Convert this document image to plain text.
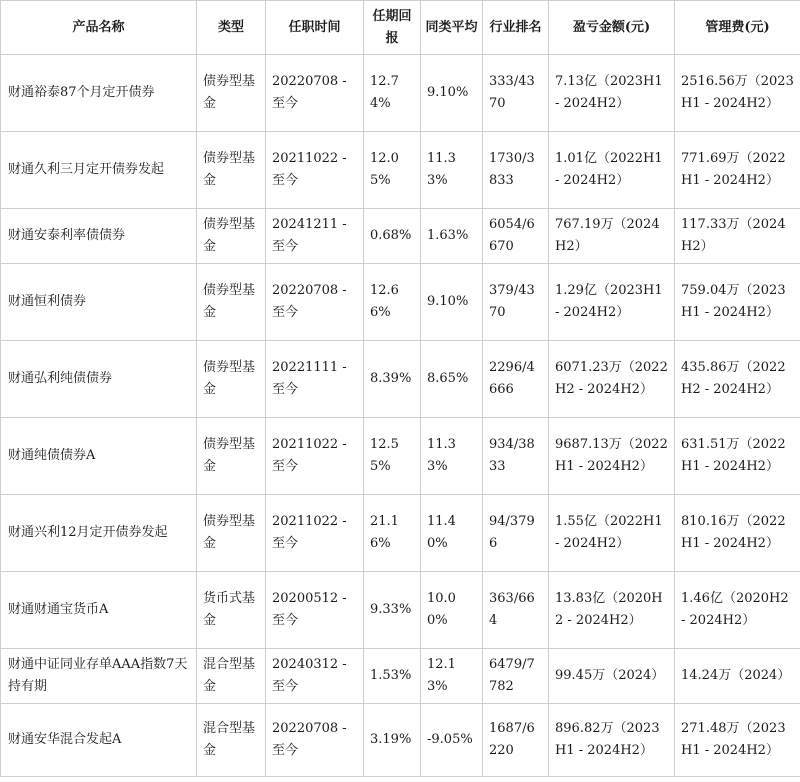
产品名称	类型	任职时间	任期回报	同类平均	行业排名	盈亏金额(元)	管理费(元)
财通裕泰87个月定开债券	债券型基金	20220708 - 至今	12.74%	9.10%	333/4370	7.13亿（2023H1 - 2024H2）	2516.56万（2023H1 - 2024H2）
财通久利三月定开债券发起	债券型基金	20211022 - 至今	12.05%	11.33%	1730/3833	1.01亿（2022H1 - 2024H2）	771.69万（2022H1 - 2024H2）
财通安泰利率债债券	债券型基金	20241211 - 至今	0.68%	1.63%	6054/6670	767.19万（2024H2）	117.33万（2024H2）
财通恒利债券	债券型基金	20220708 - 至今	12.66%	9.10%	379/4370	1.29亿（2023H1 - 2024H2）	759.04万（2023H1 - 2024H2）
财通弘利纯债债券	债券型基金	20221111 - 至今	8.39%	8.65%	2296/4666	6071.23万（2022H2 - 2024H2）	435.86万（2022H2 - 2024H2）
财通纯债债券A	债券型基金	20211022 - 至今	12.55%	11.33%	934/3833	9687.13万（2022H1 - 2024H2）	631.51万（2022H1 - 2024H2）
财通兴利12月定开债券发起	债券型基金	20211022 - 至今	21.16%	11.40%	94/3796	1.55亿（2022H1 - 2024H2）	810.16万（2022H1 - 2024H2）
财通财通宝货币A	货币式基金	20200512 - 至今	9.33%	10.00%	363/664	13.83亿（2020H2 - 2024H2）	1.46亿（2020H2 - 2024H2）
财通中证同业存单AAA指数7天持有期	混合型基金	20240312 - 至今	1.53%	12.13%	6479/7782	99.45万（2024）	14.24万（2024）
财通安华混合发起A	混合型基金	20220708 - 至今	3.19%	-9.05%	1687/6220	896.82万（2023H1 - 2024H2）	271.48万（2023H1 - 2024H2）
